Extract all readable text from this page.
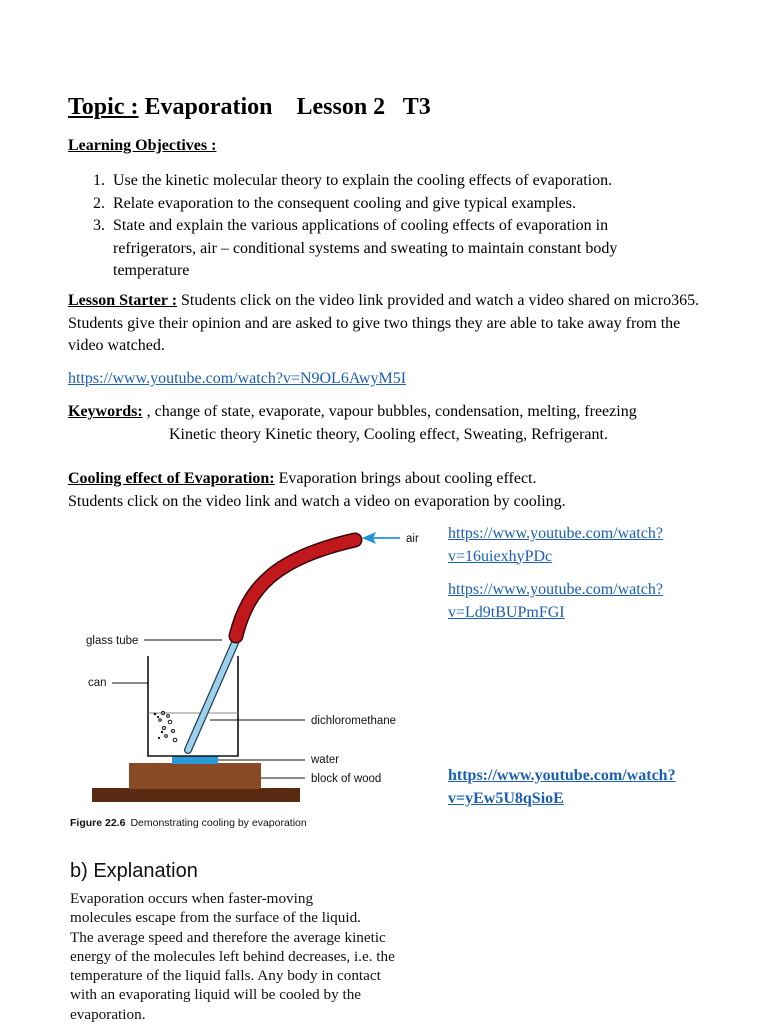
Topic : Evaporation    Lesson 2   T3
Learning Objectives :
1. Use the kinetic molecular theory to explain the cooling effects of evaporation.
2. Relate evaporation to the consequent cooling and give typical examples.
3. State and explain the various applications of cooling effects of evaporation in refrigerators, air – conditional systems and sweating to maintain constant body temperature
Lesson Starter : Students click on the video link provided and watch a video shared on micro365. Students give their opinion and are asked to give two things they are able to take away from the video watched.
https://www.youtube.com/watch?v=N9OL6AwyM5I
Keywords: , change of state, evaporate, vapour bubbles, condensation, melting, freezing
Kinetic theory Kinetic theory, Cooling effect, Sweating, Refrigerant.
Cooling effect of Evaporation: Evaporation brings about cooling effect.
Students click on the video link and watch a video on evaporation by cooling.
https://www.youtube.com/watch?
v=16uiexhyPDc
https://www.youtube.com/watch?
v=Ld9tBUPmFGI
https://www.youtube.com/watch?
v=yEw5U8qSioE
air
glass tube
can
dichloromethane
water
block of wood
Figure 22.6 Demonstrating cooling by evaporation
b) Explanation
Evaporation occurs when faster-moving
molecules escape from the surface of the liquid.
The average speed and therefore the average kinetic
energy of the molecules left behind decreases, i.e. the
temperature of the liquid falls. Any body in contact
with an evaporating liquid will be cooled by the
evaporation.
